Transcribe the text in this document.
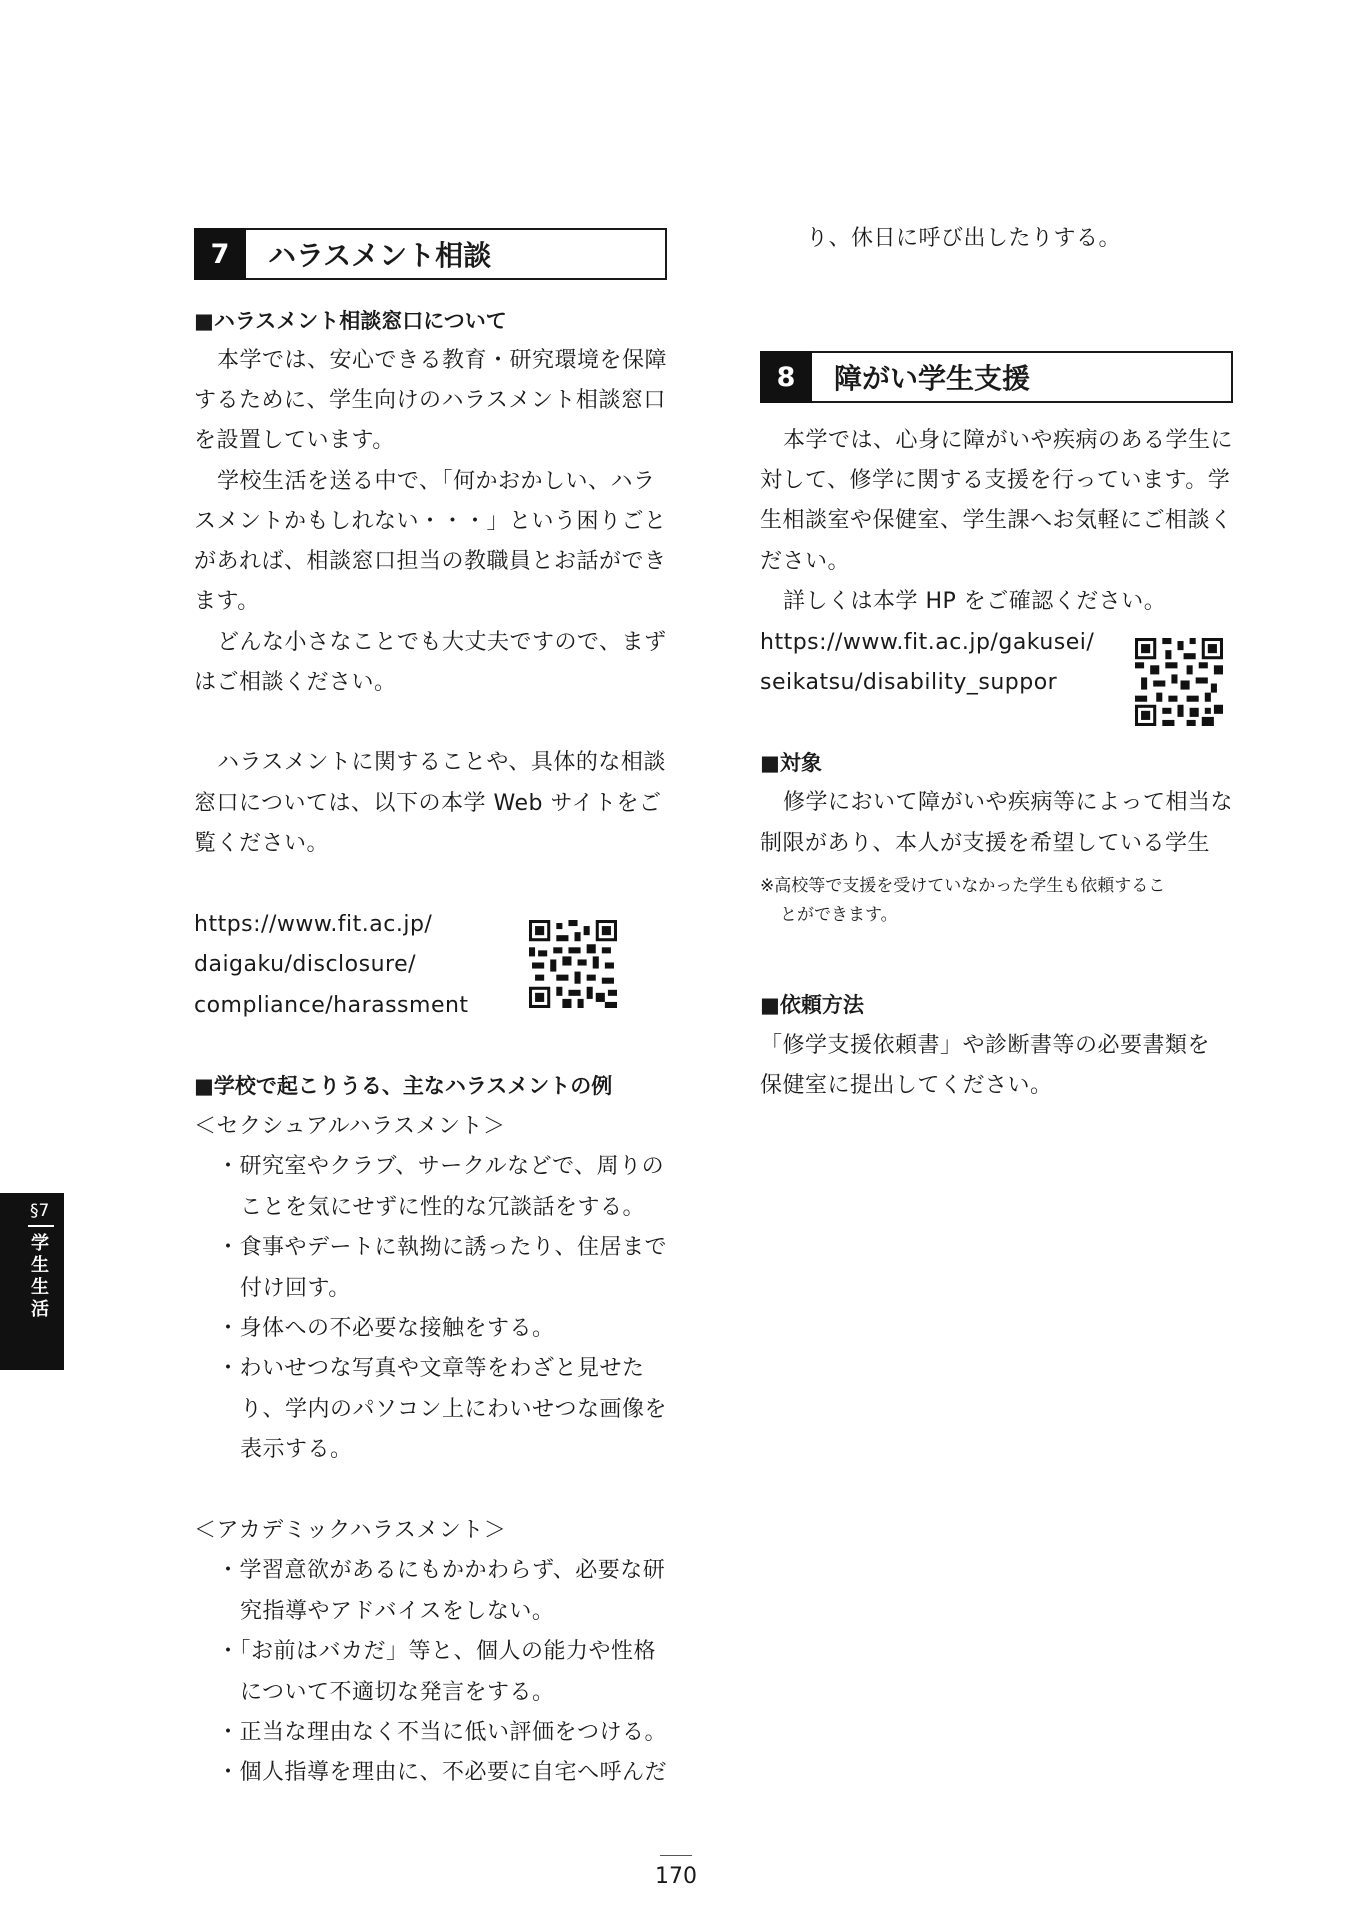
7	ハラスメント相談
■ハラスメント相談窓口について
本学では、安心できる教育・研究環境を保障
するために、学生向けのハラスメント相談窓口
を設置しています。
学校生活を送る中で、「何かおかしい、ハラ
スメントかもしれない・・・」という困りごと
があれば、相談窓口担当の教職員とお話ができ
ます。
どんな小さなことでも大丈夫ですので、まず
はご相談ください。
ハラスメントに関することや、具体的な相談
窓口については、以下の本学 Web サイトをご
覧ください。
https://www.fit.ac.jp/
daigaku/disclosure/
compliance/harassment
■学校で起こりうる、主なハラスメントの例
＜セクシュアルハラスメント＞
・研究室やクラブ、サークルなどで、周りの
ことを気にせずに性的な冗談話をする。
・食事やデートに執拗に誘ったり、住居まで
付け回す。
・身体への不必要な接触をする。
・わいせつな写真や文章等をわざと見せた
り、学内のパソコン上にわいせつな画像を
表示する。
＜アカデミックハラスメント＞
・学習意欲があるにもかかわらず、必要な研
究指導やアドバイスをしない。
・「お前はバカだ」等と、個人の能力や性格
について不適切な発言をする。
・正当な理由なく不当に低い評価をつける。
・個人指導を理由に、不必要に自宅へ呼んだ
り、休日に呼び出したりする。
8	障がい学生支援
本学では、心身に障がいや疾病のある学生に
対して、修学に関する支援を行っています。学
生相談室や保健室、学生課へお気軽にご相談く
ださい。
詳しくは本学 HP をご確認ください。
https://www.fit.ac.jp/gakusei/
seikatsu/disability_suppor
■対象
修学において障がいや疾病等によって相当な
制限があり、本人が支援を希望している学生
※高校等で支援を受けていなかった学生も依頼するこ
とができます。
■依頼方法
「修学支援依頼書」や診断書等の必要書類を
保健室に提出してください。
§7
学生生活
170
